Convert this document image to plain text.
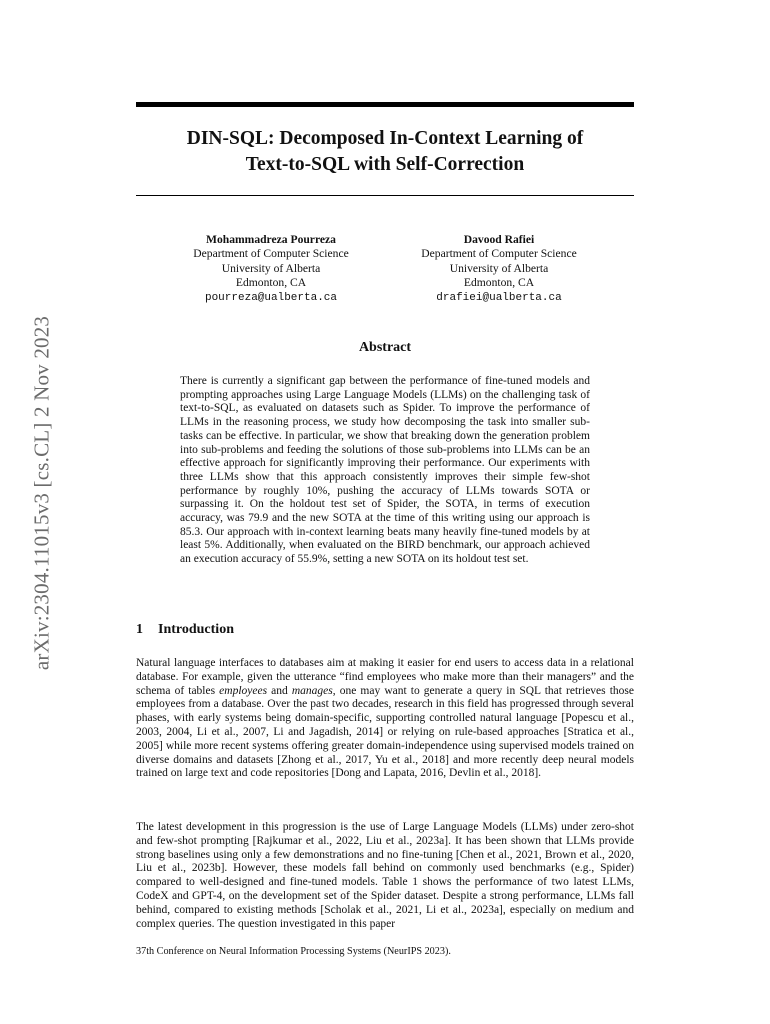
DIN-SQL: Decomposed In-Context Learning of
Text-to-SQL with Self-Correction
Mohammadreza Pourreza
Department of Computer Science
University of Alberta
Edmonton, CA
pourreza@ualberta.ca
Davood Rafiei
Department of Computer Science
University of Alberta
Edmonton, CA
drafiei@ualberta.ca
Abstract

There is currently a significant gap between the performance of fine-tuned models and prompting approaches using Large Language Models (LLMs) on the challenging task of text-to-SQL, as evaluated on datasets such as Spider. To improve the performance of LLMs in the reasoning process, we study how decomposing the task into smaller sub-tasks can be effective. In particular, we show that breaking down the generation problem into sub-problems and feeding the solutions of those sub-problems into LLMs can be an effective approach for significantly improving their performance. Our experiments with three LLMs show that this approach consistently improves their simple few-shot performance by roughly 10%, pushing the accuracy of LLMs towards SOTA or surpassing it. On the holdout test set of Spider, the SOTA, in terms of execution accuracy, was 79.9 and the new SOTA at the time of this writing using our approach is 85.3. Our approach with in-context learning beats many heavily fine-tuned models by at least 5%. Additionally, when evaluated on the BIRD benchmark, our approach achieved an execution accuracy of 55.9%, setting a new SOTA on its holdout test set.

1 Introduction

Natural language interfaces to databases aim at making it easier for end users to access data in a relational database. For example, given the utterance “find employees who make more than their managers” and the schema of tables employees and manages, one may want to generate a query in SQL that retrieves those employees from a database. Over the past two decades, research in this field has progressed through several phases, with early systems being domain-specific, supporting controlled natural language [Popescu et al., 2003, 2004, Li et al., 2007, Li and Jagadish, 2014] or relying on rule-based approaches [Stratica et al., 2005] while more recent systems offering greater domain-independence using supervised models trained on diverse domains and datasets [Zhong et al., 2017, Yu et al., 2018] and more recently deep neural models trained on large text and code repositories [Dong and Lapata, 2016, Devlin et al., 2018].

The latest development in this progression is the use of Large Language Models (LLMs) under zero-shot and few-shot prompting [Rajkumar et al., 2022, Liu et al., 2023a]. It has been shown that LLMs provide strong baselines using only a few demonstrations and no fine-tuning [Chen et al., 2021, Brown et al., 2020, Liu et al., 2023b]. However, these models fall behind on commonly used benchmarks (e.g., Spider) compared to well-designed and fine-tuned models. Table 1 shows the performance of two latest LLMs, CodeX and GPT-4, on the development set of the Spider dataset. Despite a strong performance, LLMs fall behind, compared to existing methods [Scholak et al., 2021, Li et al., 2023a], especially on medium and complex queries. The question investigated in this paper

37th Conference on Neural Information Processing Systems (NeurIPS 2023).

arXiv:2304.11015v3 [cs.CL] 2 Nov 2023
